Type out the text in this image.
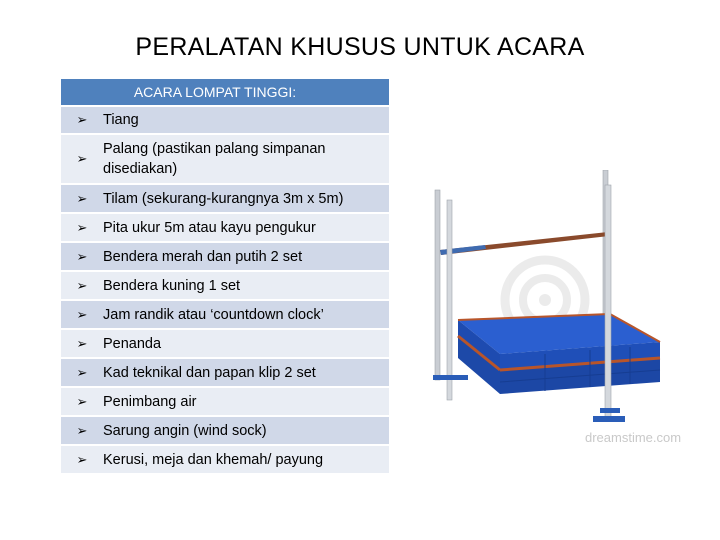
PERALATAN KHUSUS UNTUK ACARA
ACARA LOMPAT TINGGI:
➢	Tiang
➢
Palang (pastikan palang simpanan disediakan)
➢	Tilam (sekurang-kurangnya 3m x 5m)
➢	Pita ukur 5m atau kayu pengukur
➢	Bendera merah dan putih 2 set
➢	Bendera kuning 1 set
➢	Jam randik atau ‘countdown clock’
➢	Penanda
➢	Kad teknikal dan papan klip 2 set
➢	Penimbang air
➢	Sarung angin (wind sock)
➢	Kerusi, meja dan khemah/ payung
dreamstime.com
